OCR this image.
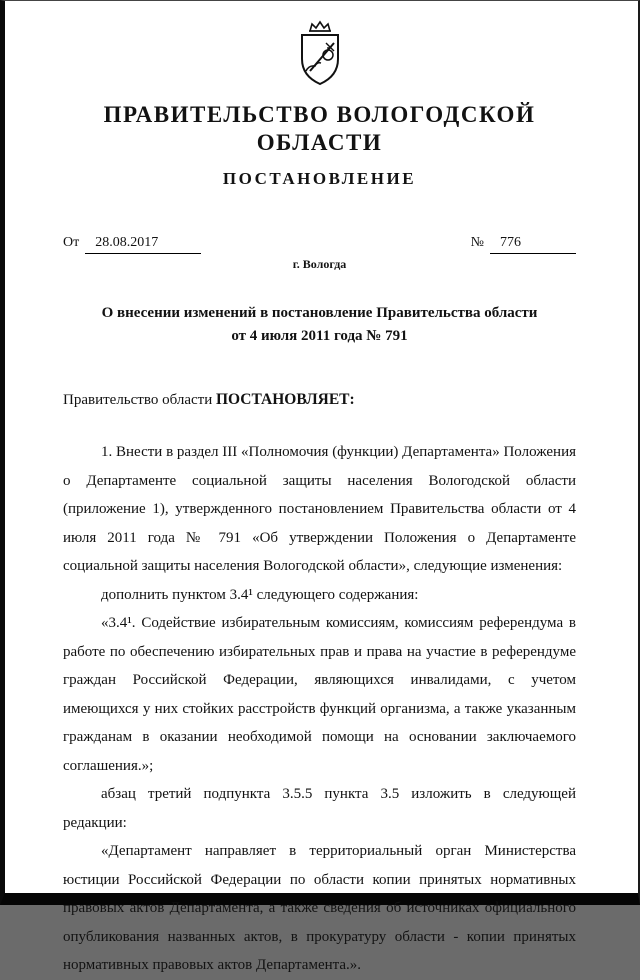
ПРАВИТЕЛЬСТВО ВОЛОГОДСКОЙ ОБЛАСТИ
ПОСТАНОВЛЕНИЕ
От 28.08.2017	№ 776
г. Вологда
О внесении изменений в постановление Правительства области
от 4 июля 2011 года № 791

Правительство области ПОСТАНОВЛЯЕТ:

1. Внести в раздел III «Полномочия (функции) Департамента» Положения о Департаменте социальной защиты населения Вологодской области (приложение 1), утвержденного постановлением Правительства области от 4 июля 2011 года № 791 «Об утверждении Положения о Департаменте социальной защиты населения Вологодской области», следующие изменения:

дополнить пунктом 3.4¹ следующего содержания:

«3.4¹. Содействие избирательным комиссиям, комиссиям референдума в работе по обеспечению избирательных прав и права на участие в референдуме граждан Российской Федерации, являющихся инвалидами, с учетом имеющихся у них стойких расстройств функций организма, а также указанным гражданам в оказании необходимой помощи на основании заключаемого соглашения.»;

абзац третий подпункта 3.5.5 пункта 3.5 изложить в следующей редакции:

«Департамент направляет в территориальный орган Министерства юстиции Российской Федерации по области копии принятых нормативных правовых актов Департамента, а также сведения об источниках официального опубликования названных актов, в прокуратуру области - копии принятых нормативных правовых актов Департамента.».
